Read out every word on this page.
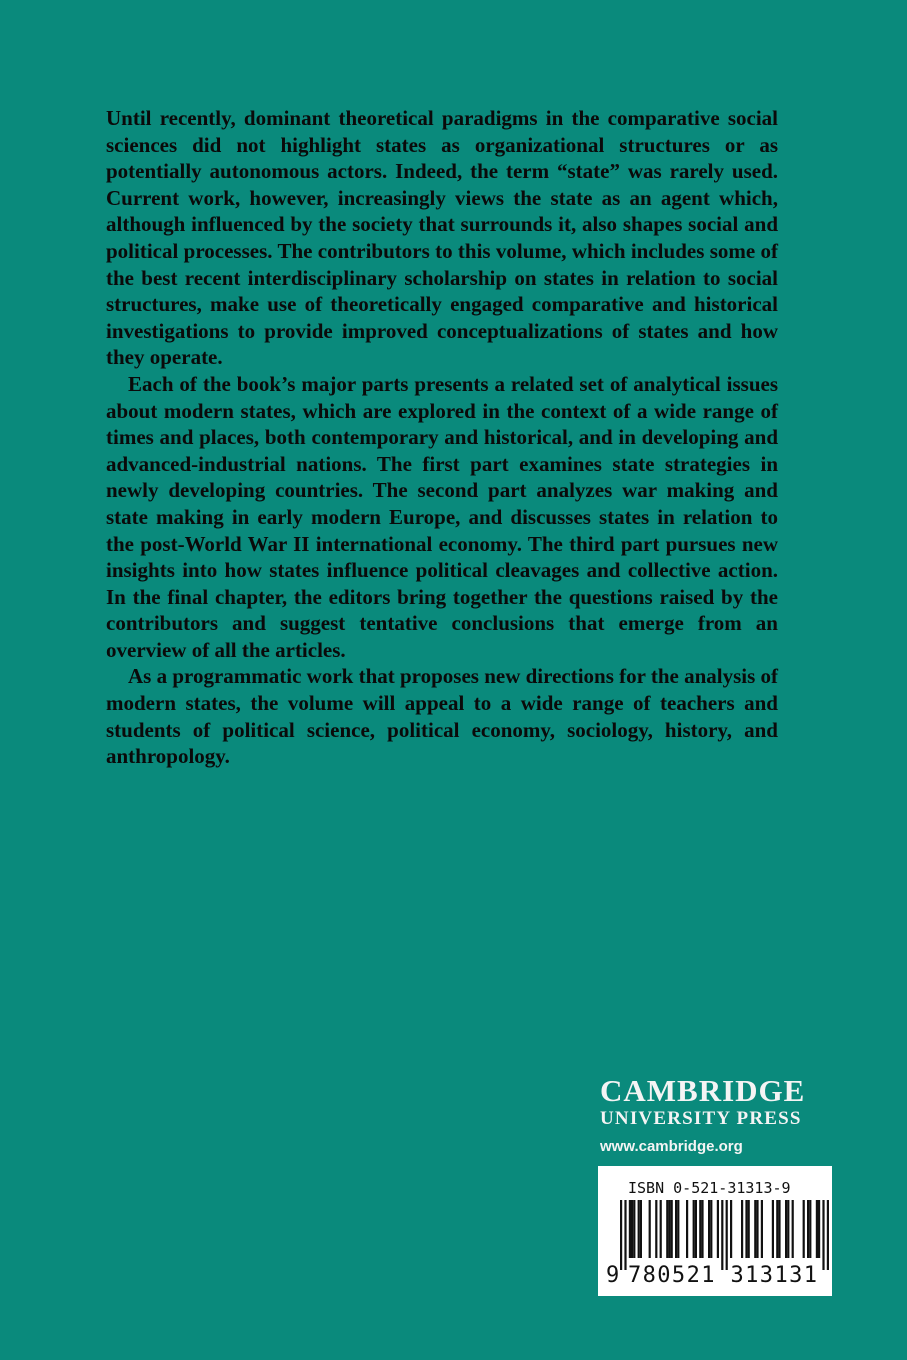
Until recently, dominant theoretical paradigms in the comparative social sciences did not highlight states as organizational structures or as potentially autonomous actors. Indeed, the term “state” was rarely used. Current work, however, increasingly views the state as an agent which, although influenced by the society that surrounds it, also shapes social and political processes. The contributors to this volume, which includes some of the best recent interdisciplinary scholarship on states in relation to social structures, make use of theoretically engaged comparative and historical investigations to provide improved conceptualizations of states and how they operate.

Each of the book’s major parts presents a related set of analytical issues about modern states, which are explored in the context of a wide range of times and places, both contemporary and historical, and in developing and advanced-industrial nations. The first part examines state strategies in newly developing countries. The second part analyzes war making and state making in early modern Europe, and discusses states in relation to the post-World War II international economy. The third part pursues new insights into how states influence political cleavages and collective action. In the final chapter, the editors bring together the questions raised by the contributors and suggest tentative conclusions that emerge from an overview of all the articles.

As a programmatic work that proposes new directions for the analysis of modern states, the volume will appeal to a wide range of teachers and students of political science, political economy, sociology, history, and anthropology.

CAMBRIDGE
UNIVERSITY PRESS
www.cambridge.org
ISBN 0-521-31313-9
9 780521 313131
